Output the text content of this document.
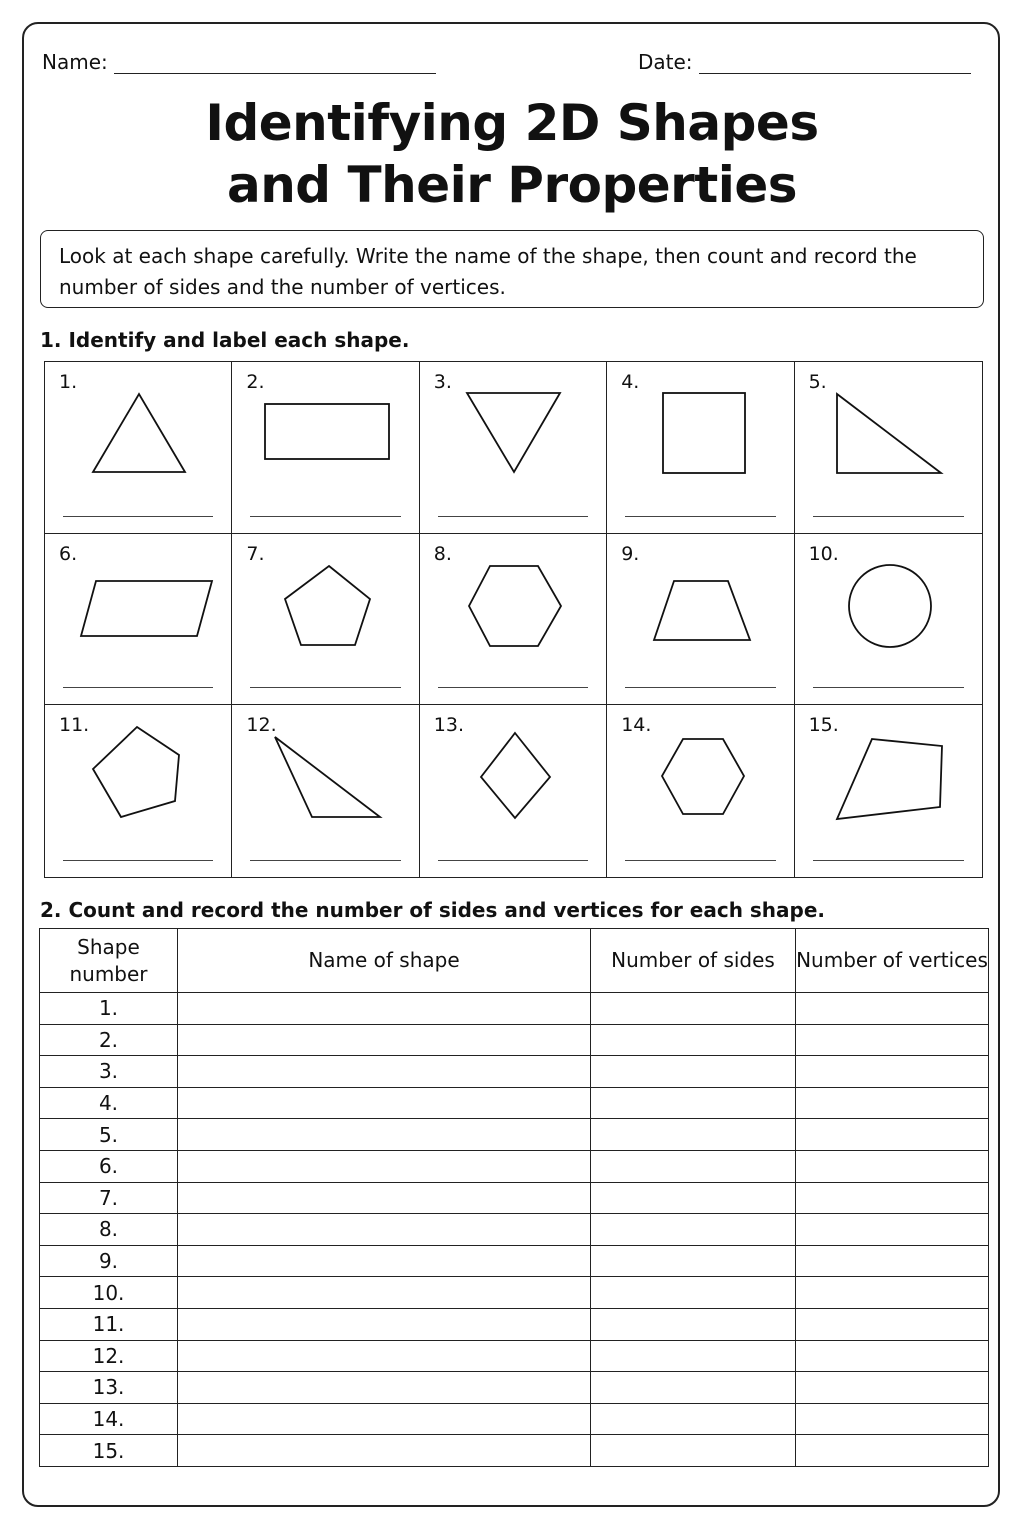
Name:	Date:
Identifying 2D Shapes
and Their Properties
Look at each shape carefully. Write the name of the shape, then count and record the number of sides and the number of vertices.
1. Identify and label each shape.
1.	2.	3.	4.	5.
6.	7.	8.	9.	10.
11.	12.	13.	14.	15.
2. Count and record the number of sides and vertices for each shape.
Shape number	Name of shape	Number of sides	Number of vertices
1.			
2.			
3.			
4.			
5.			
6.			
7.			
8.			
9.			
10.			
11.			
12.			
13.			
14.			
15.			
